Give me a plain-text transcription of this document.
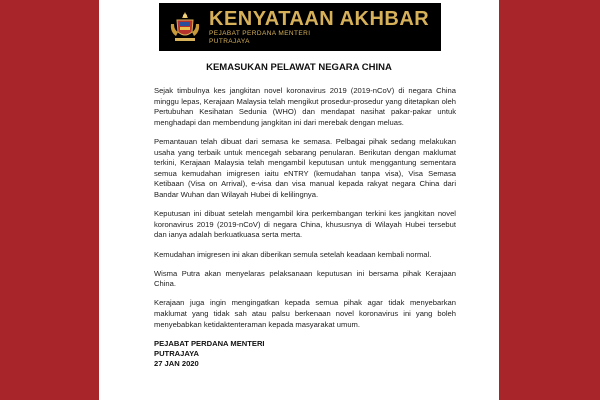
KENYATAAN AKHBAR
PEJABAT PERDANA MENTERI
PUTRAJAYA
KEMASUKAN PELAWAT NEGARA CHINA

Sejak timbulnya kes jangkitan novel koronavirus 2019 (2019-nCoV) di negara China minggu lepas, Kerajaan Malaysia telah mengikut prosedur-prosedur yang ditetapkan oleh Pertubuhan Kesihatan Sedunia (WHO) dan mendapat nasihat pakar-pakar untuk menghadapi dan membendung jangkitan ini dari merebak dengan meluas.

Pemantauan telah dibuat dari semasa ke semasa. Pelbagai pihak sedang melakukan usaha yang terbaik untuk mencegah sebarang penularan. Berikutan dengan maklumat terkini, Kerajaan Malaysia telah mengambil keputusan untuk menggantung sementara semua kemudahan imigresen iaitu eNTRY (kemudahan tanpa visa), Visa Semasa Ketibaan (Visa on Arrival), e-visa dan visa manual kepada rakyat negara China dari Bandar Wuhan dan Wilayah Hubei di kelilingnya.

Keputusan ini dibuat setelah mengambil kira perkembangan terkini kes jangkitan novel koronavirus 2019 (2019-nCoV) di negara China, khususnya di Wilayah Hubei tersebut dan ianya adalah berkuatkuasa serta merta.

Kemudahan imigresen ini akan diberikan semula setelah keadaan kembali normal.

Wisma Putra akan menyelaras pelaksanaan keputusan ini bersama pihak Kerajaan China.

Kerajaan juga ingin mengingatkan kepada semua pihak agar tidak menyebarkan maklumat yang tidak sah atau palsu berkenaan novel koronavirus ini yang boleh menyebabkan ketidaktenteraman kepada masyarakat umum.

PEJABAT PERDANA MENTERI
PUTRAJAYA
27 JAN 2020
